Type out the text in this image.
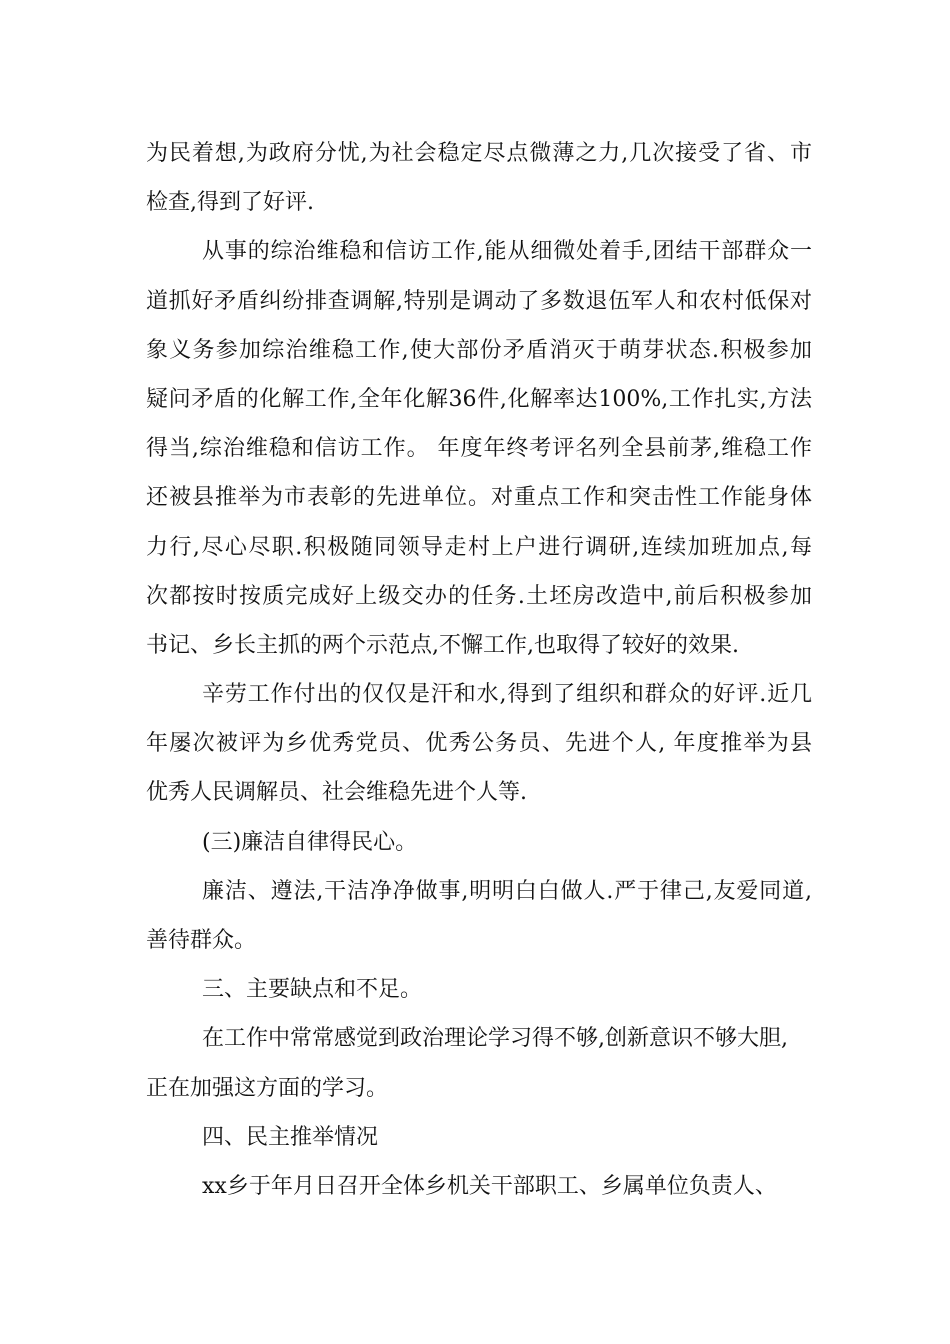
为民着想,为政府分忧,为社会稳定尽点微薄之力,几次接受了省、市
检查,得到了好评.
从事的综治维稳和信访工作,能从细微处着手,团结干部群众一
道抓好矛盾纠纷排查调解,特别是调动了多数退伍军人和农村低保对
象义务参加综治维稳工作,使大部份矛盾消灭于萌芽状态.积极参加
疑问矛盾的化解工作,全年化解36件,化解率达100%,工作扎实,方法
得当,综治维稳和信访工作。 年度年终考评名列全县前茅,维稳工作
还被县推举为市表彰的先进单位。对重点工作和突击性工作能身体
力行,尽心尽职.积极随同领导走村上户进行调研,连续加班加点,每
次都按时按质完成好上级交办的任务.土坯房改造中,前后积极参加
书记、乡长主抓的两个示范点,不懈工作,也取得了较好的效果.
辛劳工作付出的仅仅是汗和水,得到了组织和群众的好评.近几
年屡次被评为乡优秀党员、优秀公务员、先进个人, 年度推举为县
优秀人民调解员、社会维稳先进个人等.
(三)廉洁自律得民心。
廉洁、遵法,干洁净净做事,明明白白做人.严于律己,友爱同道,
善待群众。
三、主要缺点和不足。
在工作中常常感觉到政治理论学习得不够,创新意识不够大胆,
正在加强这方面的学习。
四、民主推举情况
xx乡于年月日召开全体乡机关干部职工、乡属单位负责人、
